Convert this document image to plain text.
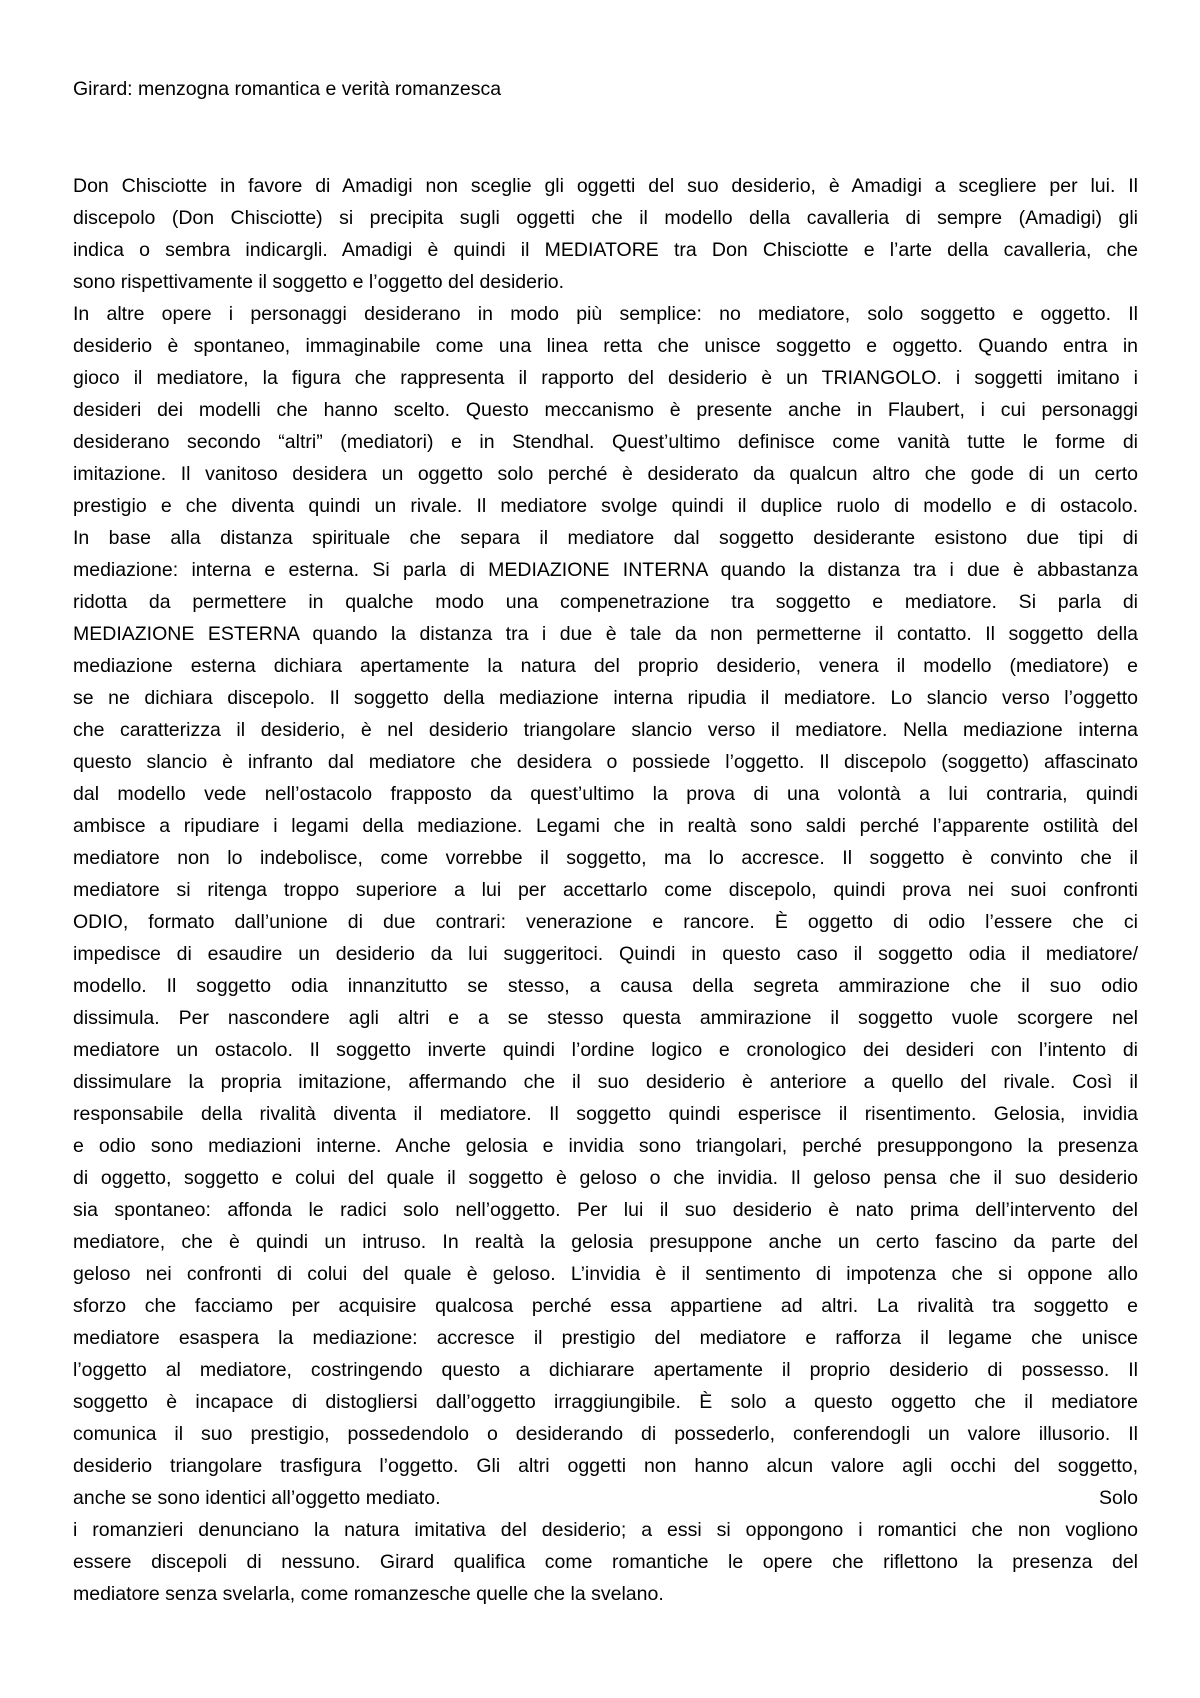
Girard: menzogna romantica e verità romanzesca
Don Chisciotte in favore di Amadigi non sceglie gli oggetti del suo desiderio, è Amadigi a scegliere per lui. Il
discepolo (Don Chisciotte) si precipita sugli oggetti che il modello della cavalleria di sempre (Amadigi) gli
indica o sembra indicargli. Amadigi è quindi il MEDIATORE tra Don Chisciotte e l’arte della cavalleria, che
sono rispettivamente il soggetto e l’oggetto del desiderio.
In altre opere i personaggi desiderano in modo più semplice: no mediatore, solo soggetto e oggetto. Il
desiderio è spontaneo, immaginabile come una linea retta che unisce soggetto e oggetto. Quando entra in
gioco il mediatore, la figura che rappresenta il rapporto del desiderio è un TRIANGOLO. i soggetti imitano i
desideri dei modelli che hanno scelto. Questo meccanismo è presente anche in Flaubert, i cui personaggi
desiderano secondo “altri” (mediatori) e in Stendhal. Quest’ultimo definisce come vanità tutte le forme di
imitazione. Il vanitoso desidera un oggetto solo perché è desiderato da qualcun altro che gode di un certo
prestigio e che diventa quindi un rivale. Il mediatore svolge quindi il duplice ruolo di modello e di ostacolo.
In base alla distanza spirituale che separa il mediatore dal soggetto desiderante esistono due tipi di
mediazione: interna e esterna. Si parla di MEDIAZIONE INTERNA quando la distanza tra i due è abbastanza
ridotta da permettere in qualche modo una compenetrazione tra soggetto e mediatore. Si parla di
MEDIAZIONE ESTERNA quando la distanza tra i due è tale da non permetterne il contatto. Il soggetto della
mediazione esterna dichiara apertamente la natura del proprio desiderio, venera il modello (mediatore) e
se ne dichiara discepolo. Il soggetto della mediazione interna ripudia il mediatore. Lo slancio verso l’oggetto
che caratterizza il desiderio, è nel desiderio triangolare slancio verso il mediatore. Nella mediazione interna
questo slancio è infranto dal mediatore che desidera o possiede l’oggetto. Il discepolo (soggetto) affascinato
dal modello vede nell’ostacolo frapposto da quest’ultimo la prova di una volontà a lui contraria, quindi
ambisce a ripudiare i legami della mediazione. Legami che in realtà sono saldi perché l’apparente ostilità del
mediatore non lo indebolisce, come vorrebbe il soggetto, ma lo accresce. Il soggetto è convinto che il
mediatore si ritenga troppo superiore a lui per accettarlo come discepolo, quindi prova nei suoi confronti
ODIO, formato dall’unione di due contrari: venerazione e rancore. È oggetto di odio l’essere che ci
impedisce di esaudire un desiderio da lui suggeritoci. Quindi in questo caso il soggetto odia il mediatore/
modello. Il soggetto odia innanzitutto se stesso, a causa della segreta ammirazione che il suo odio
dissimula. Per nascondere agli altri e a se stesso questa ammirazione il soggetto vuole scorgere nel
mediatore un ostacolo. Il soggetto inverte quindi l’ordine logico e cronologico dei desideri con l’intento di
dissimulare la propria imitazione, affermando che il suo desiderio è anteriore a quello del rivale. Così il
responsabile della rivalità diventa il mediatore. Il soggetto quindi esperisce il risentimento. Gelosia, invidia
e odio sono mediazioni interne. Anche gelosia e invidia sono triangolari, perché presuppongono la presenza
di oggetto, soggetto e colui del quale il soggetto è geloso o che invidia. Il geloso pensa che il suo desiderio
sia spontaneo: affonda le radici solo nell’oggetto. Per lui il suo desiderio è nato prima dell’intervento del
mediatore, che è quindi un intruso. In realtà la gelosia presuppone anche un certo fascino da parte del
geloso nei confronti di colui del quale è geloso. L’invidia è il sentimento di impotenza che si oppone allo
sforzo che facciamo per acquisire qualcosa perché essa appartiene ad altri. La rivalità tra soggetto e
mediatore esaspera la mediazione: accresce il prestigio del mediatore e rafforza il legame che unisce
l’oggetto al mediatore, costringendo questo a dichiarare apertamente il proprio desiderio di possesso. Il
soggetto è incapace di distogliersi dall’oggetto irraggiungibile. È solo a questo oggetto che il mediatore
comunica il suo prestigio, possedendolo o desiderando di possederlo, conferendogli un valore illusorio. Il
desiderio triangolare trasfigura l’oggetto. Gli altri oggetti non hanno alcun valore agli occhi del soggetto,
anche se sono identici all’oggetto mediato.	Solo
i romanzieri denunciano la natura imitativa del desiderio; a essi si oppongono i romantici che non vogliono
essere discepoli di nessuno. Girard qualifica come romantiche le opere che riflettono la presenza del
mediatore senza svelarla, come romanzesche quelle che la svelano.
